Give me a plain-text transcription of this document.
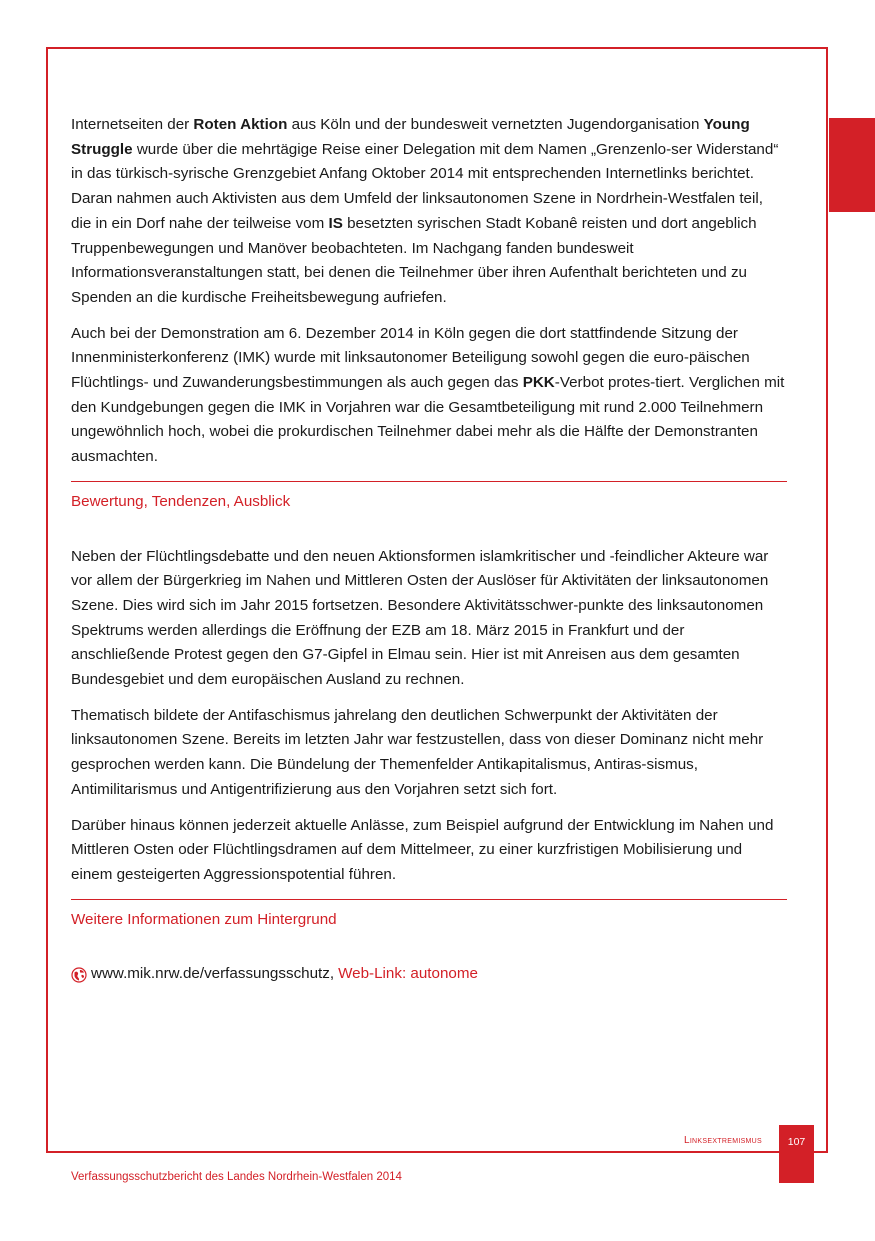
Internetseiten der Roten Aktion aus Köln und der bundesweit vernetzten Jugendorganisation Young Struggle wurde über die mehrtägige Reise einer Delegation mit dem Namen „Grenzenlo-ser Widerstand“ in das türkisch-syrische Grenzgebiet Anfang Oktober 2014 mit entsprechenden Internetlinks berichtet. Daran nahmen auch Aktivisten aus dem Umfeld der linksautonomen Szene in Nordrhein-Westfalen teil, die in ein Dorf nahe der teilweise vom IS besetzten syrischen Stadt Kobanê reisten und dort angeblich Truppenbewegungen und Manöver beobachteten. Im Nachgang fanden bundesweit Informationsveranstaltungen statt, bei denen die Teilnehmer über ihren Aufenthalt berichteten und zu Spenden an die kurdische Freiheitsbewegung aufriefen.

Auch bei der Demonstration am 6. Dezember 2014 in Köln gegen die dort stattfindende Sitzung der Innenministerkonferenz (IMK) wurde mit linksautonomer Beteiligung sowohl gegen die euro-päischen Flüchtlings- und Zuwanderungsbestimmungen als auch gegen das PKK-Verbot protes-tiert. Verglichen mit den Kundgebungen gegen die IMK in Vorjahren war die Gesamtbeteiligung mit rund 2.000 Teilnehmern ungewöhnlich hoch, wobei die prokurdischen Teilnehmer dabei mehr als die Hälfte der Demonstranten ausmachten.

Bewertung, Tendenzen, Ausblick

Neben der Flüchtlingsdebatte und den neuen Aktionsformen islamkritischer und -feindlicher Akteure war vor allem der Bürgerkrieg im Nahen und Mittleren Osten der Auslöser für Aktivitäten der linksautonomen Szene. Dies wird sich im Jahr 2015 fortsetzen. Besondere Aktivitätsschwer-punkte des linksautonomen Spektrums werden allerdings die Eröffnung der EZB am 18. März 2015 in Frankfurt und der anschließende Protest gegen den G7-Gipfel in Elmau sein. Hier ist mit Anreisen aus dem gesamten Bundesgebiet und dem europäischen Ausland zu rechnen.

Thematisch bildete der Antifaschismus jahrelang den deutlichen Schwerpunkt der Aktivitäten der linksautonomen Szene. Bereits im letzten Jahr war festzustellen, dass von dieser Dominanz nicht mehr gesprochen werden kann. Die Bündelung der Themenfelder Antikapitalismus, Antiras-sismus, Antimilitarismus und Antigentrifizierung aus den Vorjahren setzt sich fort.

Darüber hinaus können jederzeit aktuelle Anlässe, zum Beispiel aufgrund der Entwicklung im Nahen und Mittleren Osten oder Flüchtlingsdramen auf dem Mittelmeer, zu einer kurzfristigen Mobilisierung und einem gesteigerten Aggressionspotential führen.

Weitere Informationen zum Hintergrund
www.mik.nrw.de/verfassungsschutz, Web-Link: autonome
Linksextremismus	107
Verfassungsschutzbericht des Landes Nordrhein-Westfalen 2014
